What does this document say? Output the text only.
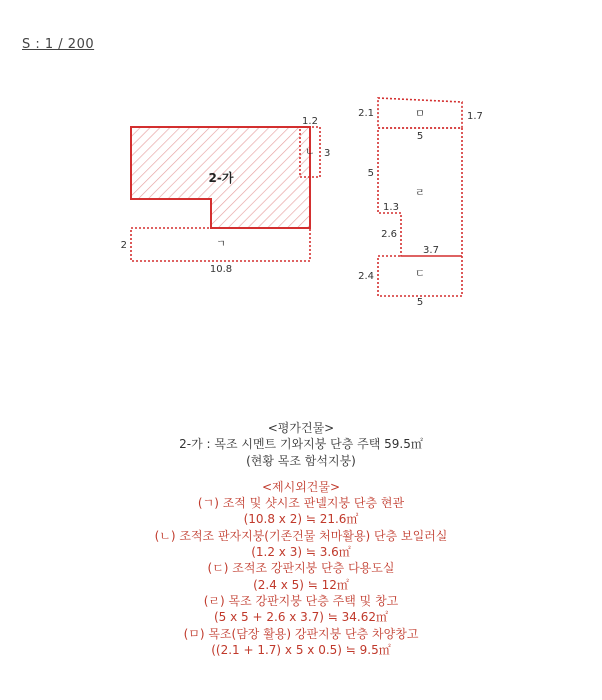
S : 1 / 200
2-가
ㄴ
ㄱ
1.2
3
2
10.8
ㅁ
ㄹ
ㄷ
2.1	1.7
5
5
1.3
2.6
3.7
2.4
5
<평가건물>
2-가 : 목조 시멘트 기와지붕 단층 주택 59.5㎡
(현황 목조 함석지붕)
<제시외건물>
(ㄱ) 조적 및 샷시조 판넬지붕 단층 현관
(10.8 x 2) ≒ 21.6㎡
(ㄴ) 조적조 판자지붕(기존건물 처마활용) 단층 보일러실
(1.2 x 3) ≒ 3.6㎡
(ㄷ) 조적조 강판지붕 단층 다용도실
(2.4 x 5) ≒ 12㎡
(ㄹ) 목조 강판지붕 단층 주택 및 창고
(5 x 5 + 2.6 x 3.7) ≒ 34.62㎡
(ㅁ) 목조(담장 활용) 강판지붕 단층 차양창고
((2.1 + 1.7) x 5 x 0.5) ≒ 9.5㎡
